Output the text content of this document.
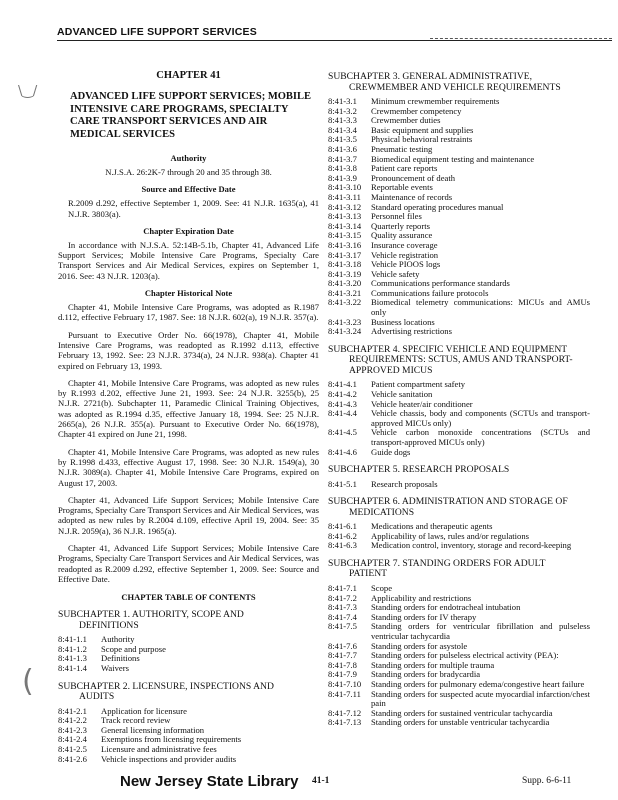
ADVANCED LIFE SUPPORT SERVICES
\‿/
(
CHAPTER 41
ADVANCED LIFE SUPPORT SERVICES; MOBILE INTENSIVE CARE PROGRAMS, SPECIALTY CARE TRANSPORT SERVICES AND AIR MEDICAL SERVICES
Authority
N.J.S.A. 26:2K-7 through 20 and 35 through 38.
Source and Effective Date
R.2009 d.292, effective September 1, 2009. See: 41 N.J.R. 1635(a), 41 N.J.R. 3803(a).
Chapter Expiration Date
In accordance with N.J.S.A. 52:14B-5.1b, Chapter 41, Advanced Life Support Services; Mobile Intensive Care Programs, Specialty Care Transport Services and Air Medical Services, expires on September 1, 2016. See: 43 N.J.R. 1203(a).
Chapter Historical Note
Chapter 41, Mobile Intensive Care Programs, was adopted as R.1987 d.112, effective February 17, 1987. See: 18 N.J.R. 602(a), 19 N.J.R. 357(a).
Pursuant to Executive Order No. 66(1978), Chapter 41, Mobile Intensive Care Programs, was readopted as R.1992 d.113, effective February 13, 1992. See: 23 N.J.R. 3734(a), 24 N.J.R. 938(a). Chapter 41 expired on February 13, 1993.
Chapter 41, Mobile Intensive Care Programs, was adopted as new rules by R.1993 d.202, effective June 21, 1993. See: 24 N.J.R. 3255(b), 25 N.J.R. 2721(b). Subchapter 11, Paramedic Clinical Training Objectives, was adopted as R.1994 d.35, effective January 18, 1994. See: 25 N.J.R. 2665(a), 26 N.J.R. 355(a). Pursuant to Executive Order No. 66(1978), Chapter 41 expired on June 21, 1998.
Chapter 41, Mobile Intensive Care Programs, was adopted as new rules by R.1998 d.433, effective August 17, 1998. See: 30 N.J.R. 1549(a), 30 N.J.R. 3089(a). Chapter 41, Mobile Intensive Care Programs, expired on August 17, 2003.
Chapter 41, Advanced Life Support Services; Mobile Intensive Care Programs, Specialty Care Transport Services and Air Medical Services, was adopted as new rules by R.2004 d.109, effective April 19, 2004. See: 35 N.J.R. 2059(a), 36 N.J.R. 1965(a).
Chapter 41, Advanced Life Support Services; Mobile Intensive Care Programs, Specialty Care Transport Services and Air Medical Services, was readopted as R.2009 d.292, effective September 1, 2009. See: Source and Effective Date.
CHAPTER TABLE OF CONTENTS
SUBCHAPTER 1. AUTHORITY, SCOPE AND
DEFINITIONS
8:41-1.1	Authority
8:41-1.2	Scope and purpose
8:41-1.3	Definitions
8:41-1.4	Waivers
SUBCHAPTER 2. LICENSURE, INSPECTIONS AND
AUDITS
8:41-2.1	Application for licensure
8:41-2.2	Track record review
8:41-2.3	General licensing information
8:41-2.4	Exemptions from licensing requirements
8:41-2.5	Licensure and administrative fees
8:41-2.6	Vehicle inspections and provider audits
SUBCHAPTER 3. GENERAL ADMINISTRATIVE,
CREWMEMBER AND VEHICLE REQUIREMENTS
8:41-3.1	Minimum crewmember requirements
8:41-3.2	Crewmember competency
8:41-3.3	Crewmember duties
8:41-3.4	Basic equipment and supplies
8:41-3.5	Physical behavioral restraints
8:41-3.6	Pneumatic testing
8:41-3.7	Biomedical equipment testing and maintenance
8:41-3.8	Patient care reports
8:41-3.9	Pronouncement of death
8:41-3.10	Reportable events
8:41-3.11	Maintenance of records
8:41-3.12	Standard operating procedures manual
8:41-3.13	Personnel files
8:41-3.14	Quarterly reports
8:41-3.15	Quality assurance
8:41-3.16	Insurance coverage
8:41-3.17	Vehicle registration
8:41-3.18	Vehicle PIOOS logs
8:41-3.19	Vehicle safety
8:41-3.20	Communications performance standards
8:41-3.21	Communications failure protocols
8:41-3.22	Biomedical telemetry communications: MICUs and AMUs only
8:41-3.23	Business locations
8:41-3.24	Advertising restrictions
SUBCHAPTER 4. SPECIFIC VEHICLE AND EQUIPMENT
REQUIREMENTS: SCTUS, AMUS AND TRANSPORT-APPROVED MICUS
8:41-4.1	Patient compartment safety
8:41-4.2	Vehicle sanitation
8:41-4.3	Vehicle heater/air conditioner
8:41-4.4	Vehicle chassis, body and components (SCTUs and transport-approved MICUs only)
8:41-4.5	Vehicle carbon monoxide concentrations (SCTUs and transport-approved MICUs only)
8:41-4.6	Guide dogs
SUBCHAPTER 5. RESEARCH PROPOSALS
8:41-5.1	Research proposals
SUBCHAPTER 6. ADMINISTRATION AND STORAGE OF
MEDICATIONS
8:41-6.1	Medications and therapeutic agents
8:41-6.2	Applicability of laws, rules and/or regulations
8:41-6.3	Medication control, inventory, storage and record-keeping
SUBCHAPTER 7. STANDING ORDERS FOR ADULT
PATIENT
8:41-7.1	Scope
8:41-7.2	Applicability and restrictions
8:41-7.3	Standing orders for endotracheal intubation
8:41-7.4	Standing orders for IV therapy
8:41-7.5	Standing orders for ventricular fibrillation and pulseless ventricular tachycardia
8:41-7.6	Standing orders for asystole
8:41-7.7	Standing orders for pulseless electrical activity (PEA):
8:41-7.8	Standing orders for multiple trauma
8:41-7.9	Standing orders for bradycardia
8:41-7.10	Standing orders for pulmonary edema/congestive heart failure
8:41-7.11	Standing orders for suspected acute myocardial infarction/chest pain
8:41-7.12	Standing orders for sustained ventricular tachycardia
8:41-7.13	Standing orders for unstable ventricular tachycardia
New Jersey State Library 41-1	Supp. 6-6-11
